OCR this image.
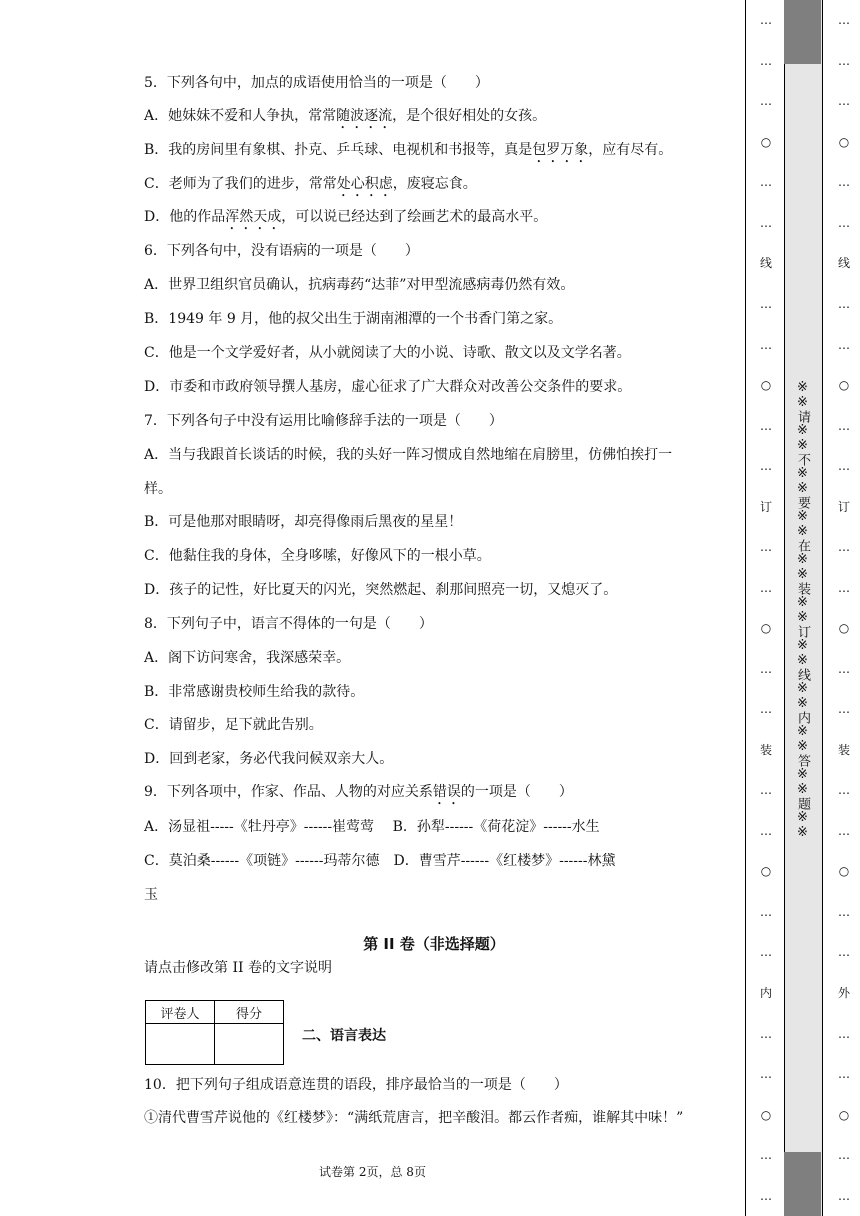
5．下列各句中，加点的成语使用恰当的一项是（　　）
A．她妹妹不爱和人争执，常常随波逐流，是个很好相处的女孩。
B．我的房间里有象棋、扑克、乒乓球、电视机和书报等，真是包罗万象，应有尽有。
C．老师为了我们的进步，常常处心积虑，废寝忘食。
D．他的作品浑然天成，可以说已经达到了绘画艺术的最高水平。
6．下列各句中，没有语病的一项是（　　）
A．世界卫组织官员确认，抗病毒药“达菲”对甲型流感病毒仍然有效。
B．1949 年 9 月，他的叔父出生于湖南湘潭的一个书香门第之家。
C．他是一个文学爱好者，从小就阅读了大的小说、诗歌、散文以及文学名著。
D．市委和市政府领导撰人基房，虚心征求了广大群众对改善公交条件的要求。
7．下列各句子中没有运用比喻修辞手法的一项是（　　）
A．当与我跟首长谈话的时候，我的头好一阵习惯成自然地缩在肩膀里，仿佛怕挨打一
样。
B．可是他那对眼睛呀，却亮得像雨后黑夜的星星！
C．他黏住我的身体，全身哆嗦，好像风下的一根小草。
D．孩子的记性，好比夏天的闪光，突然燃起、刹那间照亮一切，又熄灭了。
8．下列句子中，语言不得体的一句是（　　）
A．阁下访问寒舍，我深感荣幸。
B．非常感谢贵校师生给我的款待。
C．请留步，足下就此告别。
D．回到老家，务必代我问候双亲大人。
9．下列各项中，作家、作品、人物的对应关系错误的一项是（　　）
A．汤显祖-----《牡丹亭》------崔莺莺　 B．孙犁------《荷花淀》------水生
C．莫泊桑------《项链》------玛蒂尔德　D．曹雪芹------《红楼梦》------林黛
玉
第 II 卷（非选择题）
请点击修改第 II 卷的文字说明
评卷人	得分

二、语言表达
10．把下列句子组成语意连贯的语段，排序最恰当的一项是（　　）
①清代曹雪芹说他的《红楼梦》：“满纸荒唐言，把辛酸泪。都云作者痴，谁解其中味！”
试卷第 2页，总 8页
…
…
…
○
…
…
线
…
…
○
…
…
订
…
…
○
…
…
装
…
…
○
…
…
内
…
…
○
…
…
※※请※※不※※要※※在※※装※※订※※线※※内※※答※※题※※
…
…
…
○
…
…
线
…
…
○
…
…
订
…
…
○
…
…
装
…
…
○
…
…
外
…
…
○
…
…
